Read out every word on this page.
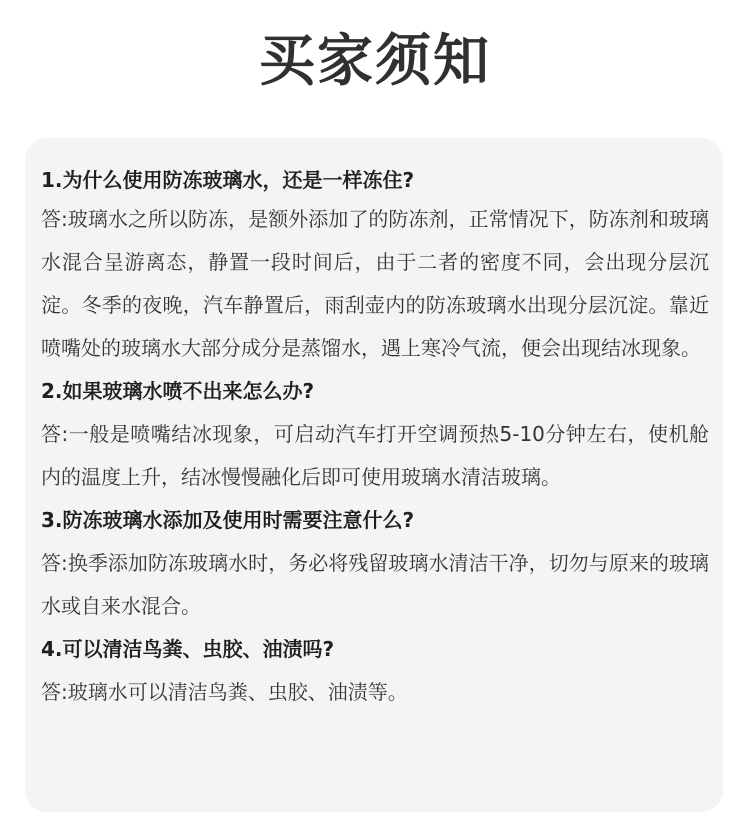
买家须知

1.为什么使用防冻玻璃水，还是一样冻住?

答:玻璃水之所以防冻，是额外添加了的防冻剂，正常情况下，防冻剂和玻璃水混合呈游离态，静置一段时间后，由于二者的密度不同，会出现分层沉淀。冬季的夜晚，汽车静置后，雨刮壶内的防冻玻璃水出现分层沉淀。靠近喷嘴处的玻璃水大部分成分是蒸馏水，遇上寒冷气流，便会出现结冰现象。

2.如果玻璃水喷不出来怎么办?

答:一般是喷嘴结冰现象，可启动汽车打开空调预热5-10分钟左右，使机舱内的温度上升，结冰慢慢融化后即可使用玻璃水清洁玻璃。

3.防冻玻璃水添加及使用时需要注意什么?

答:换季添加防冻玻璃水时，务必将残留玻璃水清洁干净，切勿与原来的玻璃水或自来水混合。

4.可以清洁鸟粪、虫胶、油渍吗?

答:玻璃水可以清洁鸟粪、虫胶、油渍等。
